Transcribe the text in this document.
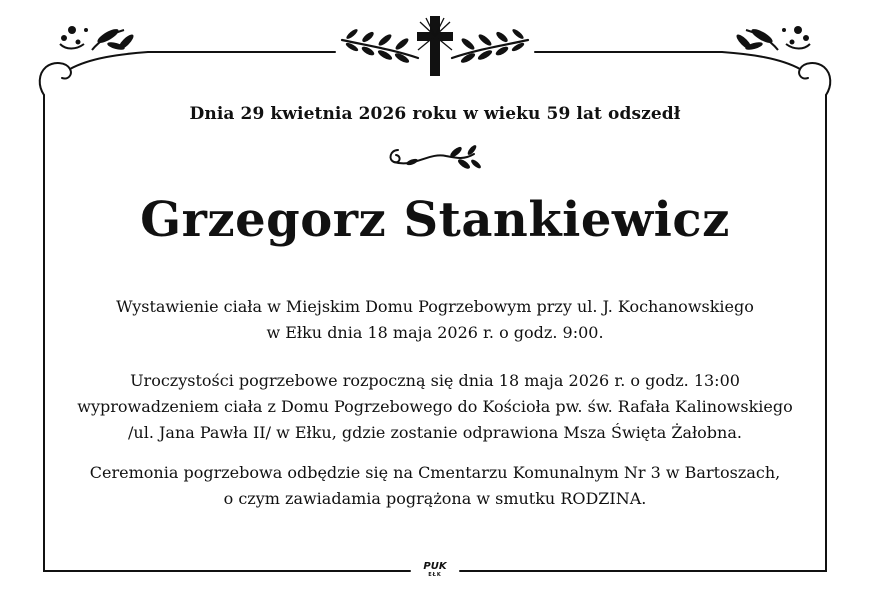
Dnia 29 kwietnia 2026 roku w wieku 59 lat odszedł
Grzegorz Stankiewicz
Wystawienie ciała w Miejskim Domu Pogrzebowym przy ul. J. Kochanowskiego
w Ełku dnia 18 maja 2026 r. o godz. 9:00.
Uroczystości pogrzebowe rozpoczną się dnia 18 maja 2026 r. o godz. 13:00
wyprowadzeniem ciała z Domu Pogrzebowego do Kościoła pw. św. Rafała Kalinowskiego
/ul. Jana Pawła II/ w Ełku, gdzie zostanie odprawiona Msza Święta Żałobna.
Ceremonia pogrzebowa odbędzie się na Cmentarzu Komunalnym Nr 3 w Bartoszach,
o czym zawiadamia pogrążona w smutku RODZINA.
PUK
EŁK
